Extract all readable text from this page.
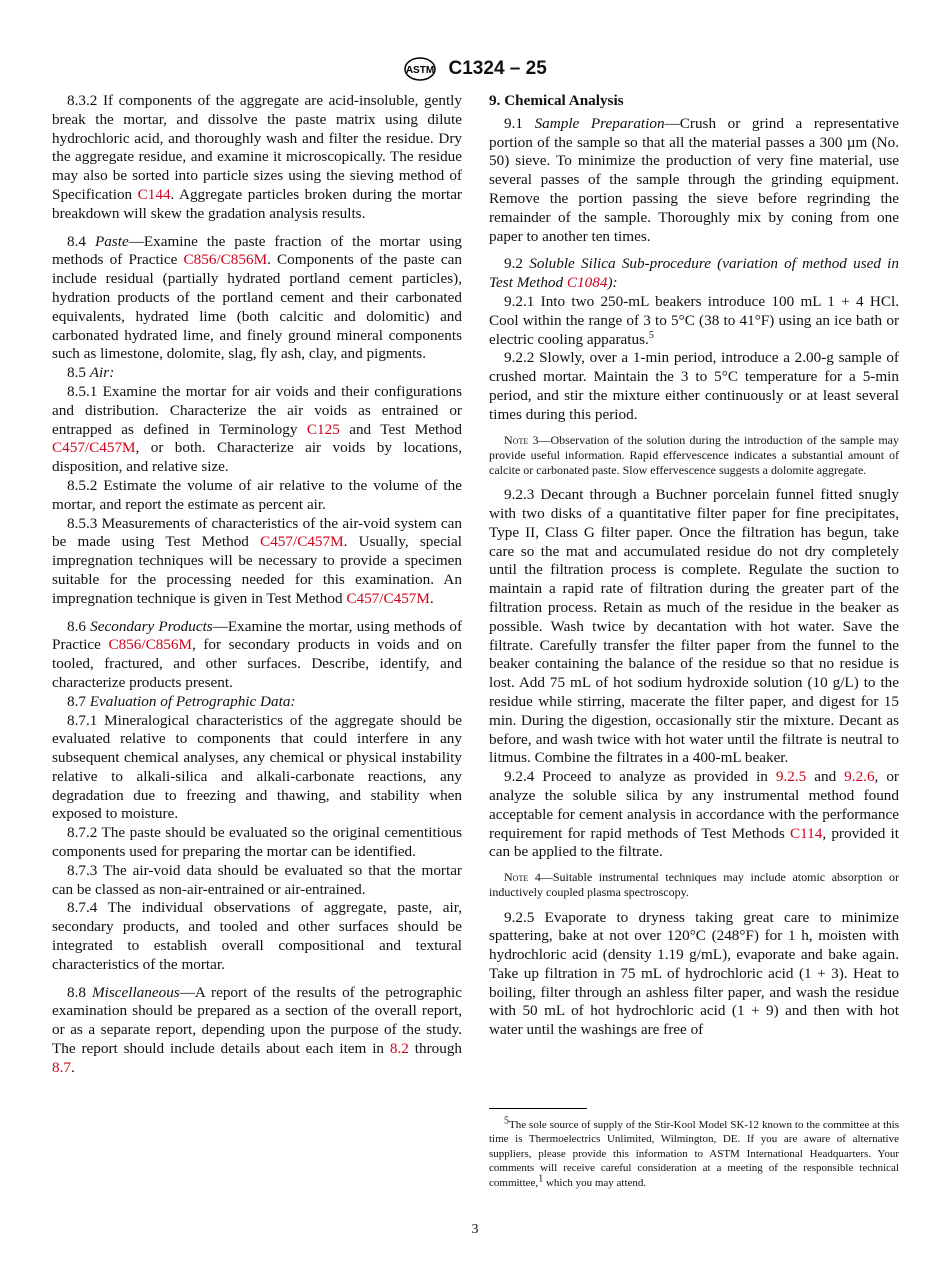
ASTM C1324 – 25

8.3.2 If components of the aggregate are acid-insoluble, gently break the mortar, and dissolve the paste matrix using dilute hydrochloric acid, and thoroughly wash and filter the residue. Dry the aggregate residue, and examine it microscopically. The residue may also be sorted into particle sizes using the sieving method of Specification C144. Aggregate particles broken during the mortar breakdown will skew the gradation analysis results.

8.4 Paste—Examine the paste fraction of the mortar using methods of Practice C856/C856M. Components of the paste can include residual (partially hydrated portland cement particles), hydration products of the portland cement and their carbonated equivalents, hydrated lime (both calcitic and dolomitic) and carbonated hydrated lime, and finely ground mineral components such as limestone, dolomite, slag, fly ash, clay, and pigments.

8.5 Air:

8.5.1 Examine the mortar for air voids and their configurations and distribution. Characterize the air voids as entrained or entrapped as defined in Terminology C125 and Test Method C457/C457M, or both. Characterize air voids by locations, disposition, and relative size.

8.5.2 Estimate the volume of air relative to the volume of the mortar, and report the estimate as percent air.

8.5.3 Measurements of characteristics of the air-void system can be made using Test Method C457/C457M. Usually, special impregnation techniques will be necessary to provide a specimen suitable for the processing needed for this examination. An impregnation technique is given in Test Method C457/C457M.

8.6 Secondary Products—Examine the mortar, using methods of Practice C856/C856M, for secondary products in voids and on tooled, fractured, and other surfaces. Describe, identify, and characterize products present.

8.7 Evaluation of Petrographic Data:

8.7.1 Mineralogical characteristics of the aggregate should be evaluated relative to components that could interfere in any subsequent chemical analyses, any chemical or physical instability relative to alkali-silica and alkali-carbonate reactions, any degradation due to freezing and thawing, and stability when exposed to moisture.

8.7.2 The paste should be evaluated so the original cementitious components used for preparing the mortar can be identified.

8.7.3 The air-void data should be evaluated so that the mortar can be classed as non-air-entrained or air-entrained.

8.7.4 The individual observations of aggregate, paste, air, secondary products, and tooled and other surfaces should be integrated to establish overall compositional and textural characteristics of the mortar.

8.8 Miscellaneous—A report of the results of the petrographic examination should be prepared as a section of the overall report, or as a separate report, depending upon the purpose of the study. The report should include details about each item in 8.2 through 8.7.

9. Chemical Analysis

9.1 Sample Preparation—Crush or grind a representative portion of the sample so that all the material passes a 300 µm (No. 50) sieve. To minimize the production of very fine material, use several passes of the sample through the grinding equipment. Remove the portion passing the sieve before regrinding the remainder of the sample. Thoroughly mix by coning from one paper to another ten times.

9.2 Soluble Silica Sub-procedure (variation of method used in Test Method C1084):

9.2.1 Into two 250-mL beakers introduce 100 mL 1 + 4 HCl. Cool within the range of 3 to 5°C (38 to 41°F) using an ice bath or electric cooling apparatus.$^5$

9.2.2 Slowly, over a 1-min period, introduce a 2.00-g sample of crushed mortar. Maintain the 3 to 5°C temperature for a 5-min period, and stir the mixture either continuously or at least several times during this period.

Note 3—Observation of the solution during the introduction of the sample may provide useful information. Rapid effervescence indicates a substantial amount of calcite or carbonated paste. Slow effervescence suggests a dolomite aggregate.

9.2.3 Decant through a Buchner porcelain funnel fitted snugly with two disks of a quantitative filter paper for fine precipitates, Type II, Class G filter paper. Once the filtration has begun, take care so the mat and accumulated residue do not dry completely until the filtration process is complete. Regulate the suction to maintain a rapid rate of filtration during the greater part of the filtration process. Retain as much of the residue in the beaker as possible. Wash twice by decantation with hot water. Save the filtrate. Carefully transfer the filter paper from the funnel to the beaker containing the balance of the residue so that no residue is lost. Add 75 mL of hot sodium hydroxide solution (10 g/L) to the residue while stirring, macerate the filter paper, and digest for 15 min. During the digestion, occasionally stir the mixture. Decant as before, and wash twice with hot water until the filtrate is neutral to litmus. Combine the filtrates in a 400-mL beaker.

9.2.4 Proceed to analyze as provided in 9.2.5 and 9.2.6, or analyze the soluble silica by any instrumental method found acceptable for cement analysis in accordance with the performance requirement for rapid methods of Test Methods C114, provided it can be applied to the filtrate.

Note 4—Suitable instrumental techniques may include atomic absorption or inductively coupled plasma spectroscopy.

9.2.5 Evaporate to dryness taking great care to minimize spattering, bake at not over 120°C (248°F) for 1 h, moisten with hydrochloric acid (density 1.19 g/mL), evaporate and bake again. Take up filtration in 75 mL of hydrochloric acid (1 + 3). Heat to boiling, filter through an ashless filter paper, and wash the residue with 50 mL of hot hydrochloric acid (1 + 9) and then with hot water until the washings are free of

$^5$The sole source of supply of the Stir-Kool Model SK-12 known to the committee at this time is Thermoelectrics Unlimited, Wilmington, DE. If you are aware of alternative suppliers, please provide this information to ASTM International Headquarters. Your comments will receive careful consideration at a meeting of the responsible technical committee,$^1$ which you may attend.
3
